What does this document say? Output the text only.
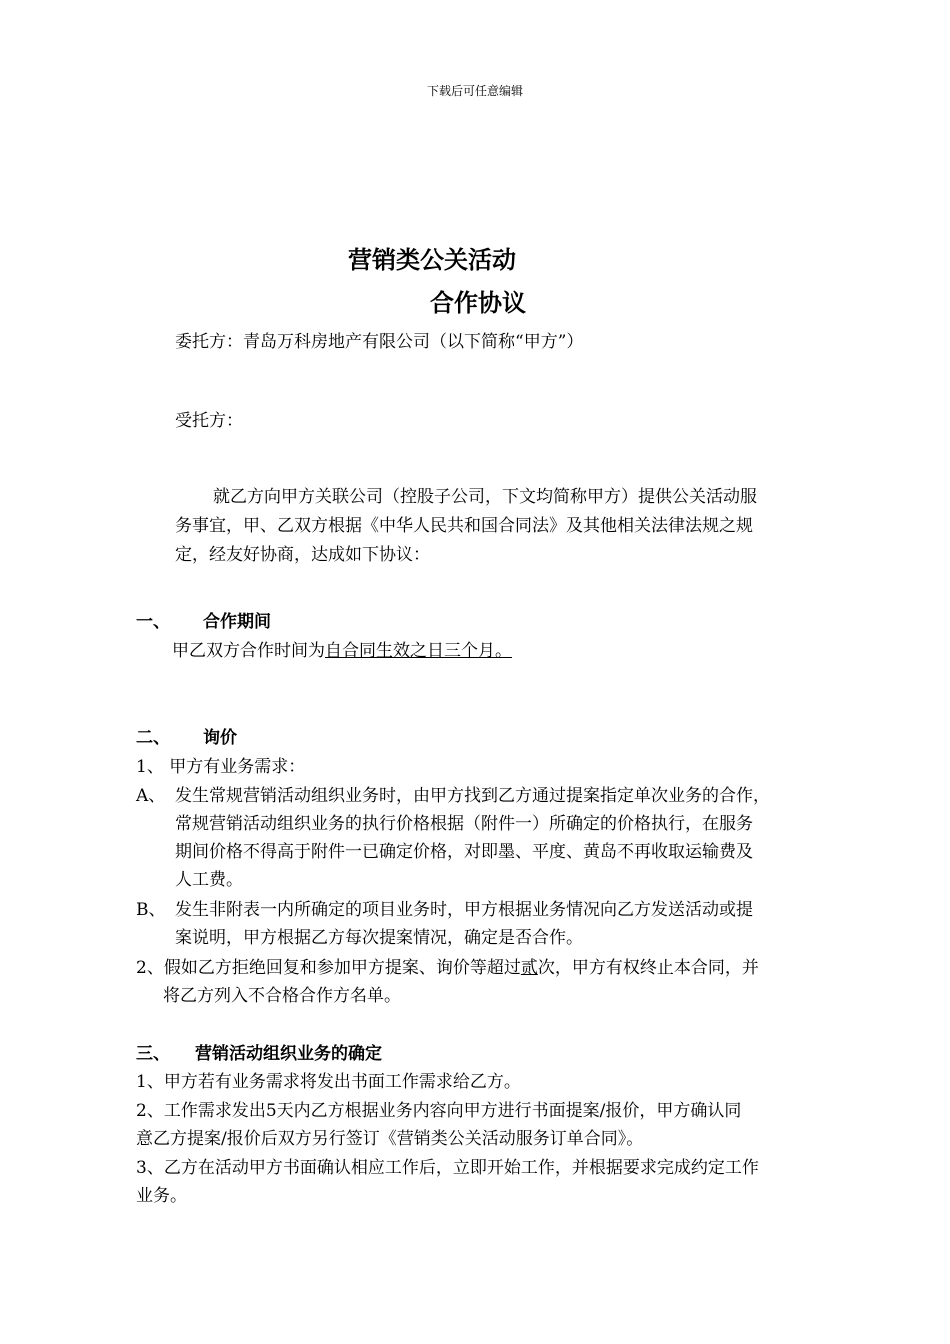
下载后可任意编辑
营销类公关活动
合作协议
委托方：青岛万科房地产有限公司（以下简称“甲方”）
受托方：
就乙方向甲方关联公司（控股子公司，下文均简称甲方）提供公关活动服
务事宜，甲、乙双方根据《中华人民共和国合同法》及其他相关法律法规之规
定，经友好协商，达成如下协议：
一、 合作期间
甲乙双方合作时间为自合同生效之日三个月。
二、 询价
1、 甲方有业务需求：
A、 发生常规营销活动组织业务时，由甲方找到乙方通过提案指定单次业务的合作，
常规营销活动组织业务的执行价格根据（附件一）所确定的价格执行，在服务
期间价格不得高于附件一已确定价格，对即墨、平度、黄岛不再收取运输费及
人工费。
B、 发生非附表一内所确定的项目业务时，甲方根据业务情况向乙方发送活动或提
案说明，甲方根据乙方每次提案情况，确定是否合作。
2、假如乙方拒绝回复和参加甲方提案、询价等超过贰次，甲方有权终止本合同，并
将乙方列入不合格合作方名单。
三、 营销活动组织业务的确定
1、甲方若有业务需求将发出书面工作需求给乙方。
2、工作需求发出5天内乙方根据业务内容向甲方进行书面提案/报价，甲方确认同
意乙方提案/报价后双方另行签订《营销类公关活动服务订单合同》。
3、乙方在活动甲方书面确认相应工作后，立即开始工作，并根据要求完成约定工作
业务。
